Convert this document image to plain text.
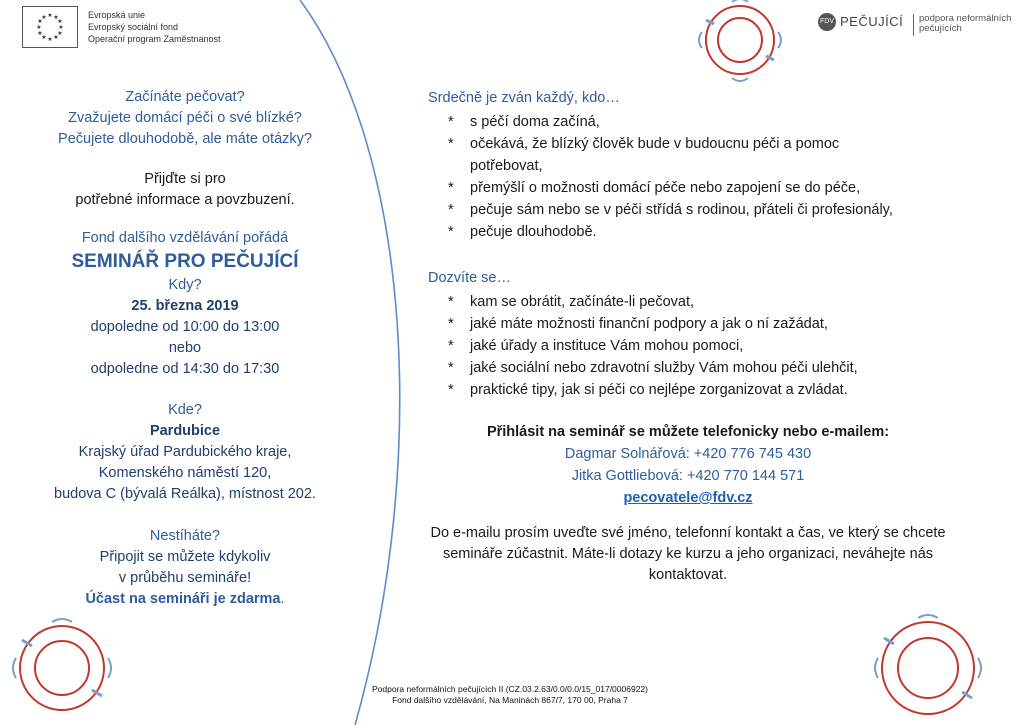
★ ★
★
★
★
★
★
★
★
★
★
★	Evropská unie
Evropský sociální fond
Operační program Zaměstnanost
FDV PEČUJÍCÍ podpora neformálních
pečujících
Začínáte pečovat?
Zvažujete domácí péči o své blízké?
Pečujete dlouhodobě, ale máte otázky?
Přijďte si pro
potřebné informace a povzbuzení.
Fond dalšího vzdělávání pořádá
SEMINÁŘ PRO PEČUJÍCÍ
Kdy?
25. března 2019
dopoledne od 10:00 do 13:00
nebo
odpoledne od 14:30 do 17:30
Kde?
Pardubice
Krajský úřad Pardubického kraje,
Komenského náměstí 120,
budova C (bývalá Reálka), místnost 202.
Nestíháte?
Připojit se můžete kdykoliv
v průběhu semináře!
Účast na semináři je zdarma.
Srdečně je zván každý, kdo…
* s péčí doma začíná,
* očekává, že blízký člověk bude v budoucnu péči a pomoc potřebovat,
* přemýšlí o možnosti domácí péče nebo zapojení se do péče,
* pečuje sám nebo se v péči střídá s rodinou, přáteli či profesionály,
* pečuje dlouhodobě.
Dozvíte se…
* kam se obrátit, začínáte-li pečovat,
* jaké máte možnosti finanční podpory a jak o ní zažádat,
* jaké úřady a instituce Vám mohou pomoci,
* jaké sociální nebo zdravotní služby Vám mohou péči ulehčit,
* praktické tipy, jak si péči co nejlépe zorganizovat a zvládat.
Přihlásit na seminář se můžete telefonicky nebo e-mailem:
Dagmar Solnářová: +420 776 745 430
Jitka Gottliebová: +420 770 144 571
pecovatele@fdv.cz
Do e-mailu prosím uveďte své jméno, telefonní kontakt a čas, ve který se chcete semináře zúčastnit. Máte-li dotazy ke kurzu a jeho organizaci, neváhejte nás kontaktovat.
Podpora neformálních pečujících II (CZ.03.2.63/0.0/0.0/15_017/0006922)
Fond dalšího vzdělávání, Na Maninách 867/7, 170 00, Praha 7
